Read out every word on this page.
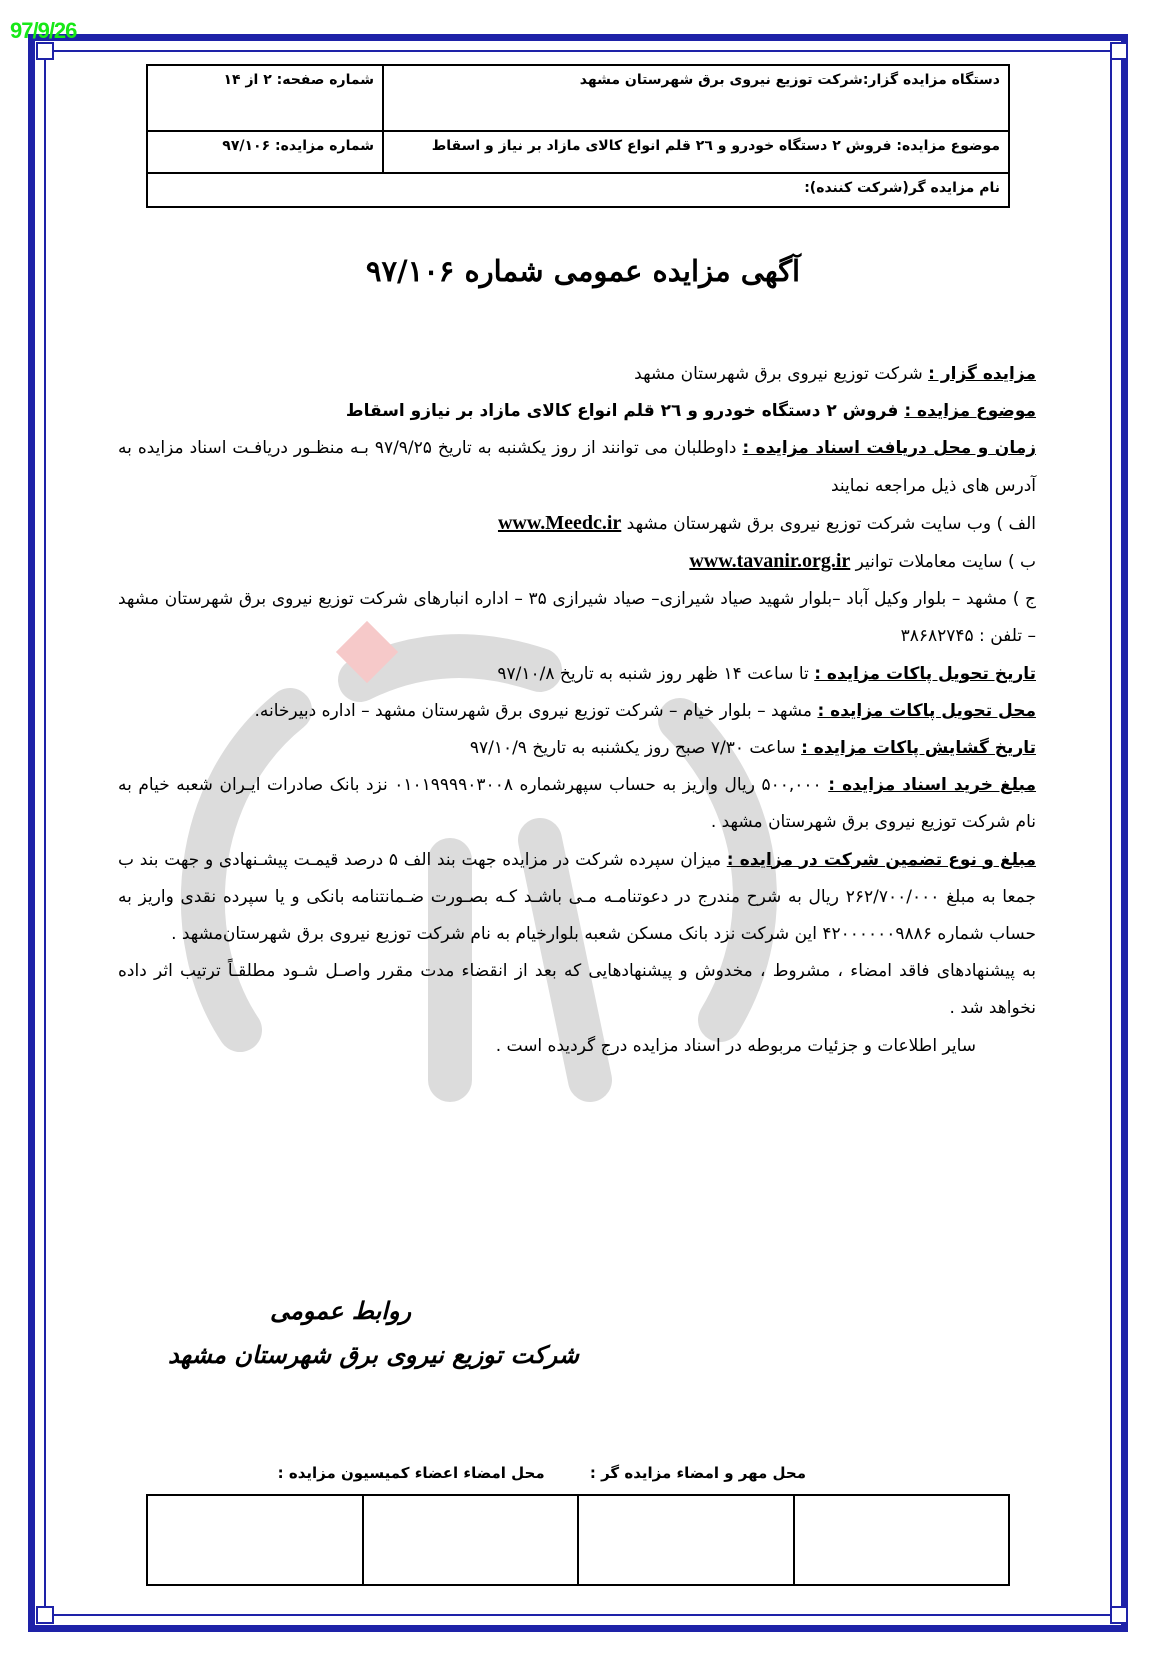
97/9/26
دستگاه مزایده گزار:شرکت توزیع نیروی برق شهرستان مشهد	شماره صفحه: ۲ از ۱۴
موضوع مزایده: فروش ۲ دستگاه خودرو و ٢٦ قلم انواع کالای مازاد بر نیاز و اسقاط	شماره مزایده: ۹۷/۱۰۶
نام مزایده گر(شرکت کننده):	
آگهی مزایده عمومی شماره ۹۷/۱۰۶

مزایده گزار : شرکت توزیع نیروی برق شهرستان مشهد

موضوع مزایده : فروش ۲ دستگاه خودرو و ٢٦ قلم انواع کالای مازاد بر نیازو اسقاط

زمان و محل دریافت اسناد مزایده : داوطلبان می توانند از روز یکشنبه به تاریخ ۹۷/۹/۲۵ بـه منظـور دریافـت اسناد مزایده به آدرس های ذیل مراجعه نمایند

الف ) وب سایت شرکت توزیع نیروی برق شهرستان مشهد www.Meedc.ir

ب ) سایت معاملات توانیر www.tavanir.org.ir

ج ) مشهد – بلوار وکیل آباد –بلوار شهید صیاد شیرازی– صیاد شیرازی ۳۵ – اداره انبارهای شرکت توزیع نیروی برق شهرستان مشهد – تلفن : ۳۸۶۸۲۷۴۵

تاریخ تحویل پاکات مزایده : تا ساعت ۱۴ ظهر روز شنبه به تاریخ ۹۷/۱۰/۸

محل تحویل پاکات مزایده : مشهد – بلوار خیام – شرکت توزیع نیروی برق شهرستان مشهد – اداره دبیرخانه.

تاریخ گشایش پاکات مزایده : ساعت ۷/۳۰ صبح روز یکشنبه به تاریخ ۹۷/۱۰/۹

مبلغ خرید اسناد مزایده : ۵۰۰,۰۰۰ ریال واریز به حساب سپهرشماره ۰۱۰۱۹۹۹۹۰۳۰۰۸ نزد بانک صادرات ایـران شعبه خیام به نام شرکت توزیع نیروی برق شهرستان مشهد .

مبلغ و نوع تضمین شرکت در مزایده : میزان سپرده شرکت در مزایده جهت بند الف ۵ درصد قیمـت پیشـنهادی و جهت بند ب جمعا به مبلغ ۲۶۲/۷۰۰/۰۰۰ ریال به شرح مندرج در دعوتنامـه مـی باشـد کـه بصـورت ضـمانتنامه بانکی و یا سپرده نقدی واریز به حساب شماره ۴۲۰۰۰۰۰۰۹۸۸۶ این شرکت نزد بانک مسکن شعبه بلوارخیام به نام شرکت توزیع نیروی برق شهرستان‌مشهد .

به پیشنهادهای فاقد امضاء ، مشروط ، مخدوش و پیشنهادهایی که بعد از انقضاء مدت مقرر واصـل شـود مطلقـاً ترتیب اثر داده نخواهد شد .

سایر اطلاعات و جزئیات مربوطه در اسناد مزایده درج گردیده است .

روابط عمومی
شرکت توزیع نیروی برق شهرستان مشهد
محل مهر و امضاء مزایده گر : محل امضاء اعضاء کمیسیون مزایده :
